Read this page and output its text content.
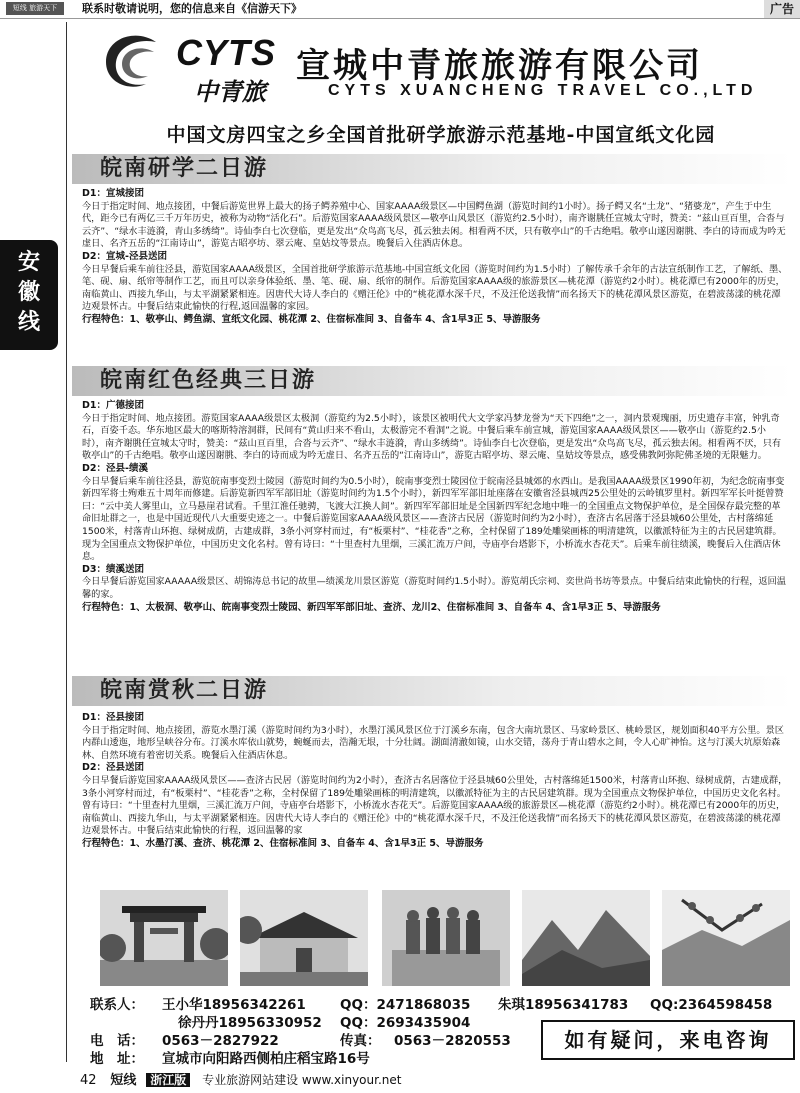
短线 旅游天下	联系时敬请说明，您的信息来自《信游天下》	广告
安
徽
线
CYTS
中青旅
宣城中青旅旅游有限公司
CYTS XUANCHENG TRAVEL CO.,LTD
中国文房四宝之乡全国首批研学旅游示范基地-中国宣纸文化园
皖南研学二日游

D1：宣城接团

今日于指定时间、地点接团，中餐后游览世界上最大的扬子鳄养殖中心、国家AAAA级景区—中国鳄鱼湖（游览时间约1小时）。扬子鳄又名“土龙”、“猪婆龙”，产生于中生代，距今已有两亿三千万年历史，被称为动物“活化石”。后游览国家AAAA级风景区—敬亭山风景区（游览约2.5小时），南齐谢朓任宣城太守时，赞美：“兹山亘百里，合沓与云齐”、“绿水丰涟漪，青山多绣绮”。诗仙李白七次登临，更是发出“众鸟高飞尽，孤云独去闲。相看两不厌，只有敬亭山”的千古绝唱。敬亭山遂因谢朓、李白的诗而成为吟无虚日、名齐五岳的“江南诗山”，游览古昭亭坊、翠云庵、皇姑坟等景点。晚餐后入住酒店休息。

D2：宣城-泾县送团

今日早餐后乘车前往泾县，游览国家AAAA级景区，全国首批研学旅游示范基地-中国宣纸文化园（游览时间约为1.5小时）了解传承千余年的古法宣纸制作工艺，了解纸、墨、笔、砚、扇、纸帘等制作工艺，而且可以亲身体验纸、墨、笔、砚、扇、纸帘的制作。后游览国家AAAA级的旅游景区—桃花潭（游览约2小时）。桃花潭已有2000年的历史，南临黄山、西接九华山，与太平湖紧紧相连。因唐代大诗人李白的《赠汪伦》中的“桃花潭水深千尺，不及汪伦送我情”而名扬天下的桃花潭风景区游览，在碧波荡漾的桃花潭边观景怀古。中餐后结束此愉快的行程,返回温馨的家园。

行程特色：1、敬亭山、鳄鱼湖、宣纸文化园、桃花潭 2、住宿标准间 3、自备车 4、含1早3正 5、导游服务

皖南红色经典三日游

D1：广德接团

今日于指定时间、地点接团。游览国家AAAA级景区太极洞（游览约为2.5小时），该景区被明代大文学家冯梦龙誉为“天下四绝”之一，洞内景观瑰丽，历史遗存丰富，钟乳奇石，百姿千态。华东地区最大的喀斯特溶洞群，民间有“黄山归来不看山，太极游完不看洞”之说。中餐后乘车前宣城，游览国家AAAA级风景区——敬亭山（游览约2.5小时），南齐谢朓任宣城太守时，赞美：“兹山亘百里，合沓与云齐”、“绿水丰涟漪，青山多绣绮”。诗仙李白七次登临，更是发出“众鸟高飞尽，孤云独去闲。相看两不厌，只有敬亭山”的千古绝唱。敬亭山遂因谢朓、李白的诗而成为吟无虚日、名齐五岳的“江南诗山”，游览古昭亭坊、翠云庵、皇姑坟等景点，感受佛教阿弥陀佛圣境的无限魅力。

D2：泾县-绩溪

今日早餐后乘车前往泾县，游览皖南事变烈士陵园（游览时间约为0.5小时），皖南事变烈士陵园位于皖南泾县城郊的水西山。是我国AAAA级景区1990年初，为纪念皖南事变新四军将士殉难五十周年而修建。后游览新四军军部旧址（游览时间约为1.5个小时），新四军军部旧址座落在安徽省泾县城西25公里处的云岭镇罗里村。新四军军长叶挺曾赞曰：“云中美人雾里山，立马悬崖君试看。千里江淮任驰骋，飞渡大江换人间”。新四军军部旧址是全国新四军纪念地中唯一的全国重点文物保护单位，是全国保存最完整的革命旧址群之一，也是中国近现代八大重要史迹之一。中餐后游览国家AAAA级风景区——查济古民居（游览时间约为2小时），查济古名居落于泾县城60公里处，古村落绵延1500米，村落青山环抱、绿树成荫，古建成群，3条小河穿村而过，有“板栗村”、“桂花香”之称，全村保留了189处雕梁画栋的明清建筑，以徽派特征为主的古民居建筑群。现为全国重点文物保护单位，中国历史文化名村。曾有诗曰：“十里查村九里烟，三溪汇流万户间，寺庙亭台塔影下，小桥流水杏花天”。后乘车前往绩溪，晚餐后入住酒店休息。

D3：绩溪送团

今日早餐后游览国家AAAAA级景区、胡锦涛总书记的故里—绩溪龙川景区游览（游览时间约1.5小时）。游览胡氏宗祠、奕世尚书坊等景点。中餐后结束此愉快的行程，返回温馨的家。

行程特色：1、太极洞、敬亭山、皖南事变烈士陵园、新四军军部旧址、查济、龙川2、住宿标准间 3、自备车 4、含1早3正 5、导游服务

皖南赏秋二日游

D1：泾县接团

今日于指定时间、地点接团，游览水墨汀溪（游览时间约为3小时），水墨汀溪风景区位于汀溪乡东南，包含大南坑景区、马家岭景区、桃岭景区，规划面积40平方公里。景区内群山逶迤，地形呈峡谷分布。汀溪水库依山就势，蜿蜒而去，浩瀚无垠，十分壮阔。湖面清澈如镜，山水交错，荡舟于青山碧水之间，令人心旷神怡。这与汀溪大坑原始森林、自然环境有着密切关系。晚餐后入住酒店休息。

D2：泾县送团

今日早餐后游览国家AAAA级风景区——查济古民居（游览时间约为2小时），查济古名居落位于泾县城60公里处，古村落绵延1500米，村落青山环抱、绿树成荫，古建成群，3条小河穿村而过，有“板栗村”、“桂花香”之称，全村保留了189处雕梁画栋的明清建筑，以徽派特征为主的古民居建筑群。现为全国重点文物保护单位，中国历史文化名村。曾有诗曰：“十里查村九里烟，三溪汇流万户间，寺庙亭台塔影下，小桥流水杏花天”。后游览国家AAAA级的旅游景区—桃花潭（游览约2小时）。桃花潭已有2000年的历史，南临黄山、西接九华山，与太平湖紧紧相连。因唐代大诗人李白的《赠汪伦》中的“桃花潭水深千尺，不及汪伦送我情”而名扬天下的桃花潭风景区游览，在碧波荡漾的桃花潭边观景怀古。中餐后结束此愉快的行程，返回温馨的家

行程特色：1、水墨汀溪、查济、桃花潭 2、住宿标准间 3、自备车 4、含1早3正 5、导游服务

联系人： 王小华18956342261	QQ：2471868035 朱琪18956341783 QQ:2364598458
徐丹丹18956330952 QQ：2693435904
电　话： 0563－2827922	传真： 0563－2820553
地　址： 宣城市向阳路西侧柏庄稻宝路16号
如有疑问，来电咨询
42 短线 浙江版 专业旅游网站建设 www.xinyour.net
